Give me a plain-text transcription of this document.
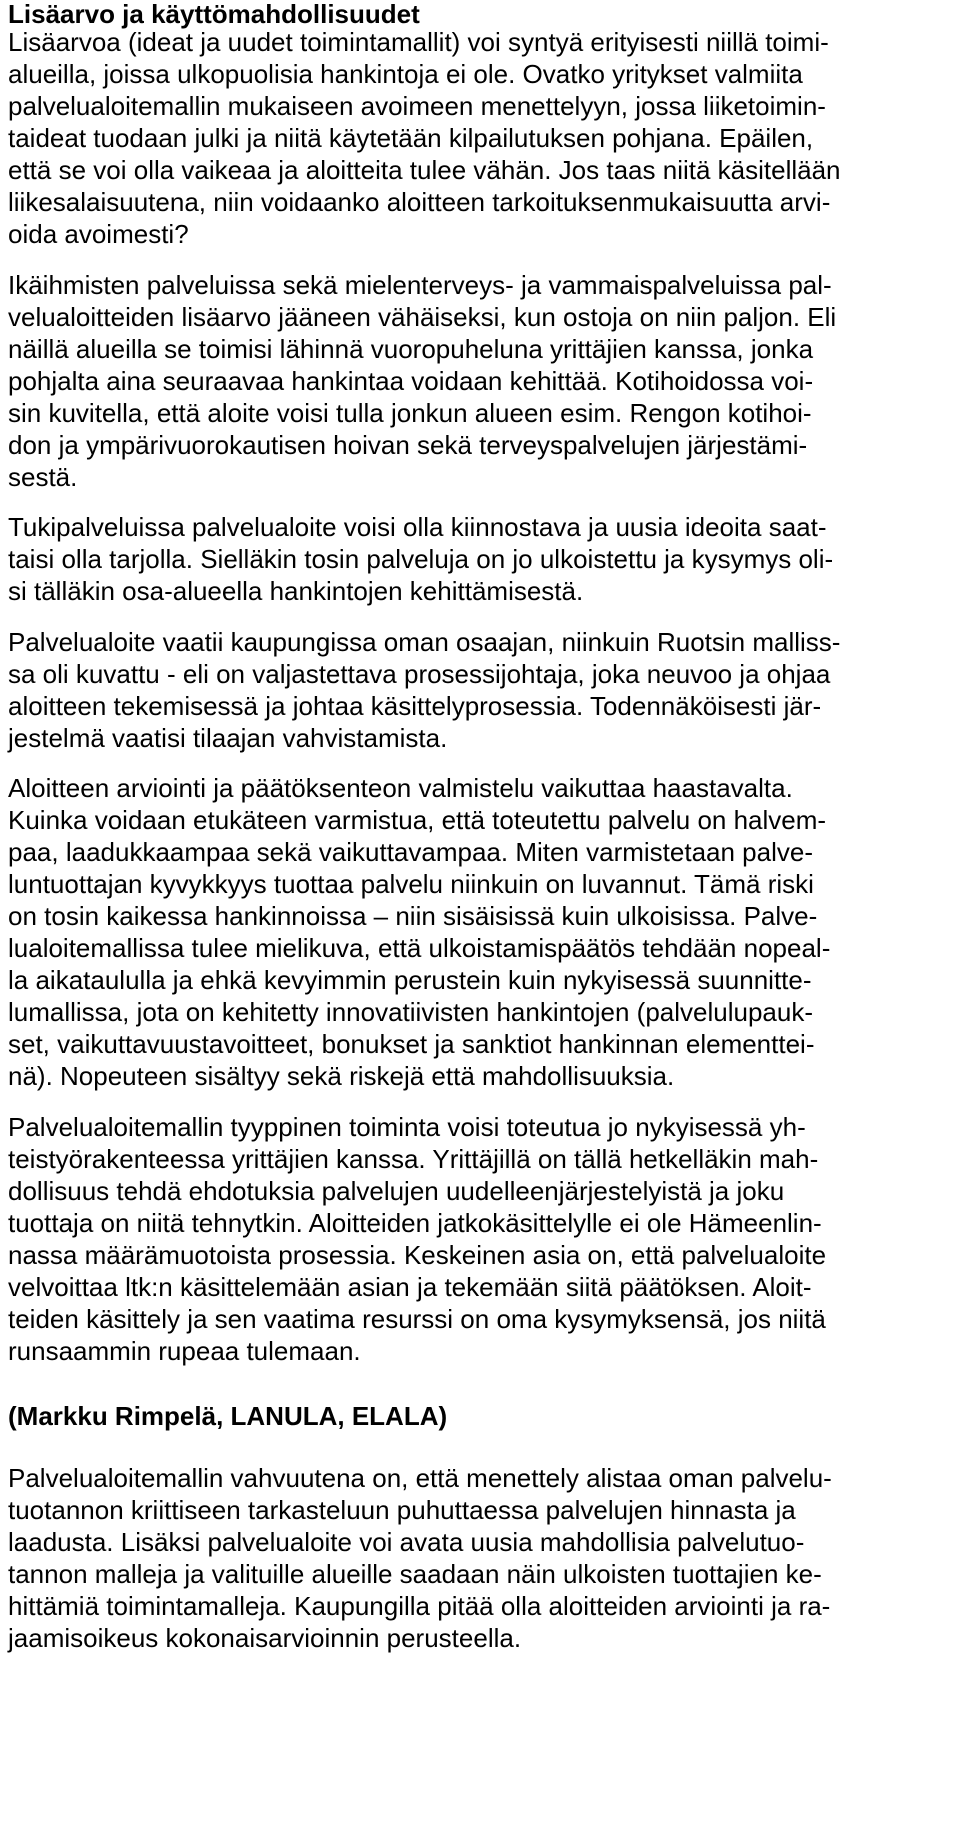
Lisäarvo ja käyttömahdollisuudet
Lisäarvoa (ideat ja uudet toimintamallit) voi syntyä erityisesti niillä toimi-
alueilla, joissa ulkopuolisia hankintoja ei ole. Ovatko yritykset valmiita
palvelualoitemallin mukaiseen avoimeen menettelyyn, jossa liiketoimin-
taideat tuodaan julki ja niitä käytetään kilpailutuksen pohjana. Epäilen,
että se voi olla vaikeaa ja aloitteita tulee vähän. Jos taas niitä käsitellään
liikesalaisuutena, niin voidaanko aloitteen tarkoituksenmukaisuutta arvi-
oida avoimesti?
Ikäihmisten palveluissa sekä mielenterveys- ja vammaispalveluissa pal-
velualoitteiden lisäarvo jääneen vähäiseksi, kun ostoja on niin paljon. Eli
näillä alueilla se toimisi lähinnä vuoropuheluna yrittäjien kanssa, jonka
pohjalta aina seuraavaa hankintaa voidaan kehittää. Kotihoidossa voi-
sin kuvitella, että aloite voisi tulla jonkun alueen esim. Rengon kotihoi-
don ja ympärivuorokautisen hoivan sekä terveyspalvelujen järjestämi-
sestä.
Tukipalveluissa palvelualoite voisi olla kiinnostava ja uusia ideoita saat-
taisi olla tarjolla. Sielläkin tosin palveluja on jo ulkoistettu ja kysymys oli-
si tälläkin osa-alueella hankintojen kehittämisestä.
Palvelualoite vaatii kaupungissa oman osaajan, niinkuin Ruotsin malliss-
sa oli kuvattu - eli on valjastettava prosessijohtaja, joka neuvoo ja ohjaa
aloitteen tekemisessä ja johtaa käsittelyprosessia. Todennäköisesti jär-
jestelmä vaatisi tilaajan vahvistamista.
Aloitteen arviointi ja päätöksenteon valmistelu vaikuttaa haastavalta.
Kuinka voidaan etukäteen varmistua, että toteutettu palvelu on halvem-
paa, laadukkaampaa sekä vaikuttavampaa. Miten varmistetaan palve-
luntuottajan kyvykkyys tuottaa palvelu niinkuin on luvannut. Tämä riski
on tosin kaikessa hankinnoissa – niin sisäisissä kuin ulkoisissa. Palve-
lualoitemallissa tulee mielikuva, että ulkoistamispäätös tehdään nopeal-
la aikataululla ja ehkä kevyimmin perustein kuin nykyisessä suunnitte-
lumallissa, jota on kehitetty innovatiivisten hankintojen (palvelulupauk-
set, vaikuttavuustavoitteet, bonukset ja sanktiot hankinnan elementtei-
nä). Nopeuteen sisältyy sekä riskejä että mahdollisuuksia.
Palvelualoitemallin tyyppinen toiminta voisi toteutua jo nykyisessä yh-
teistyörakenteessa yrittäjien kanssa. Yrittäjillä on tällä hetkelläkin mah-
dollisuus tehdä ehdotuksia palvelujen uudelleenjärjestelyistä ja joku
tuottaja on niitä tehnytkin. Aloitteiden jatkokäsittelylle ei ole Hämeenlin-
nassa määrämuotoista prosessia. Keskeinen asia on, että palvelualoite
velvoittaa ltk:n käsittelemään asian ja tekemään siitä päätöksen. Aloit-
teiden käsittely ja sen vaatima resurssi on oma kysymyksensä, jos niitä
runsaammin rupeaa tulemaan.
(Markku Rimpelä, LANULA, ELALA)
Palvelualoitemallin vahvuutena on, että menettely alistaa oman palvelu-
tuotannon kriittiseen tarkasteluun puhuttaessa palvelujen hinnasta ja
laadusta. Lisäksi palvelualoite voi avata uusia mahdollisia palvelutuo-
tannon malleja ja valituille alueille saadaan näin ulkoisten tuottajien ke-
hittämiä toimintamalleja. Kaupungilla pitää olla aloitteiden arviointi ja ra-
jaamisoikeus kokonaisarvioinnin perusteella.
